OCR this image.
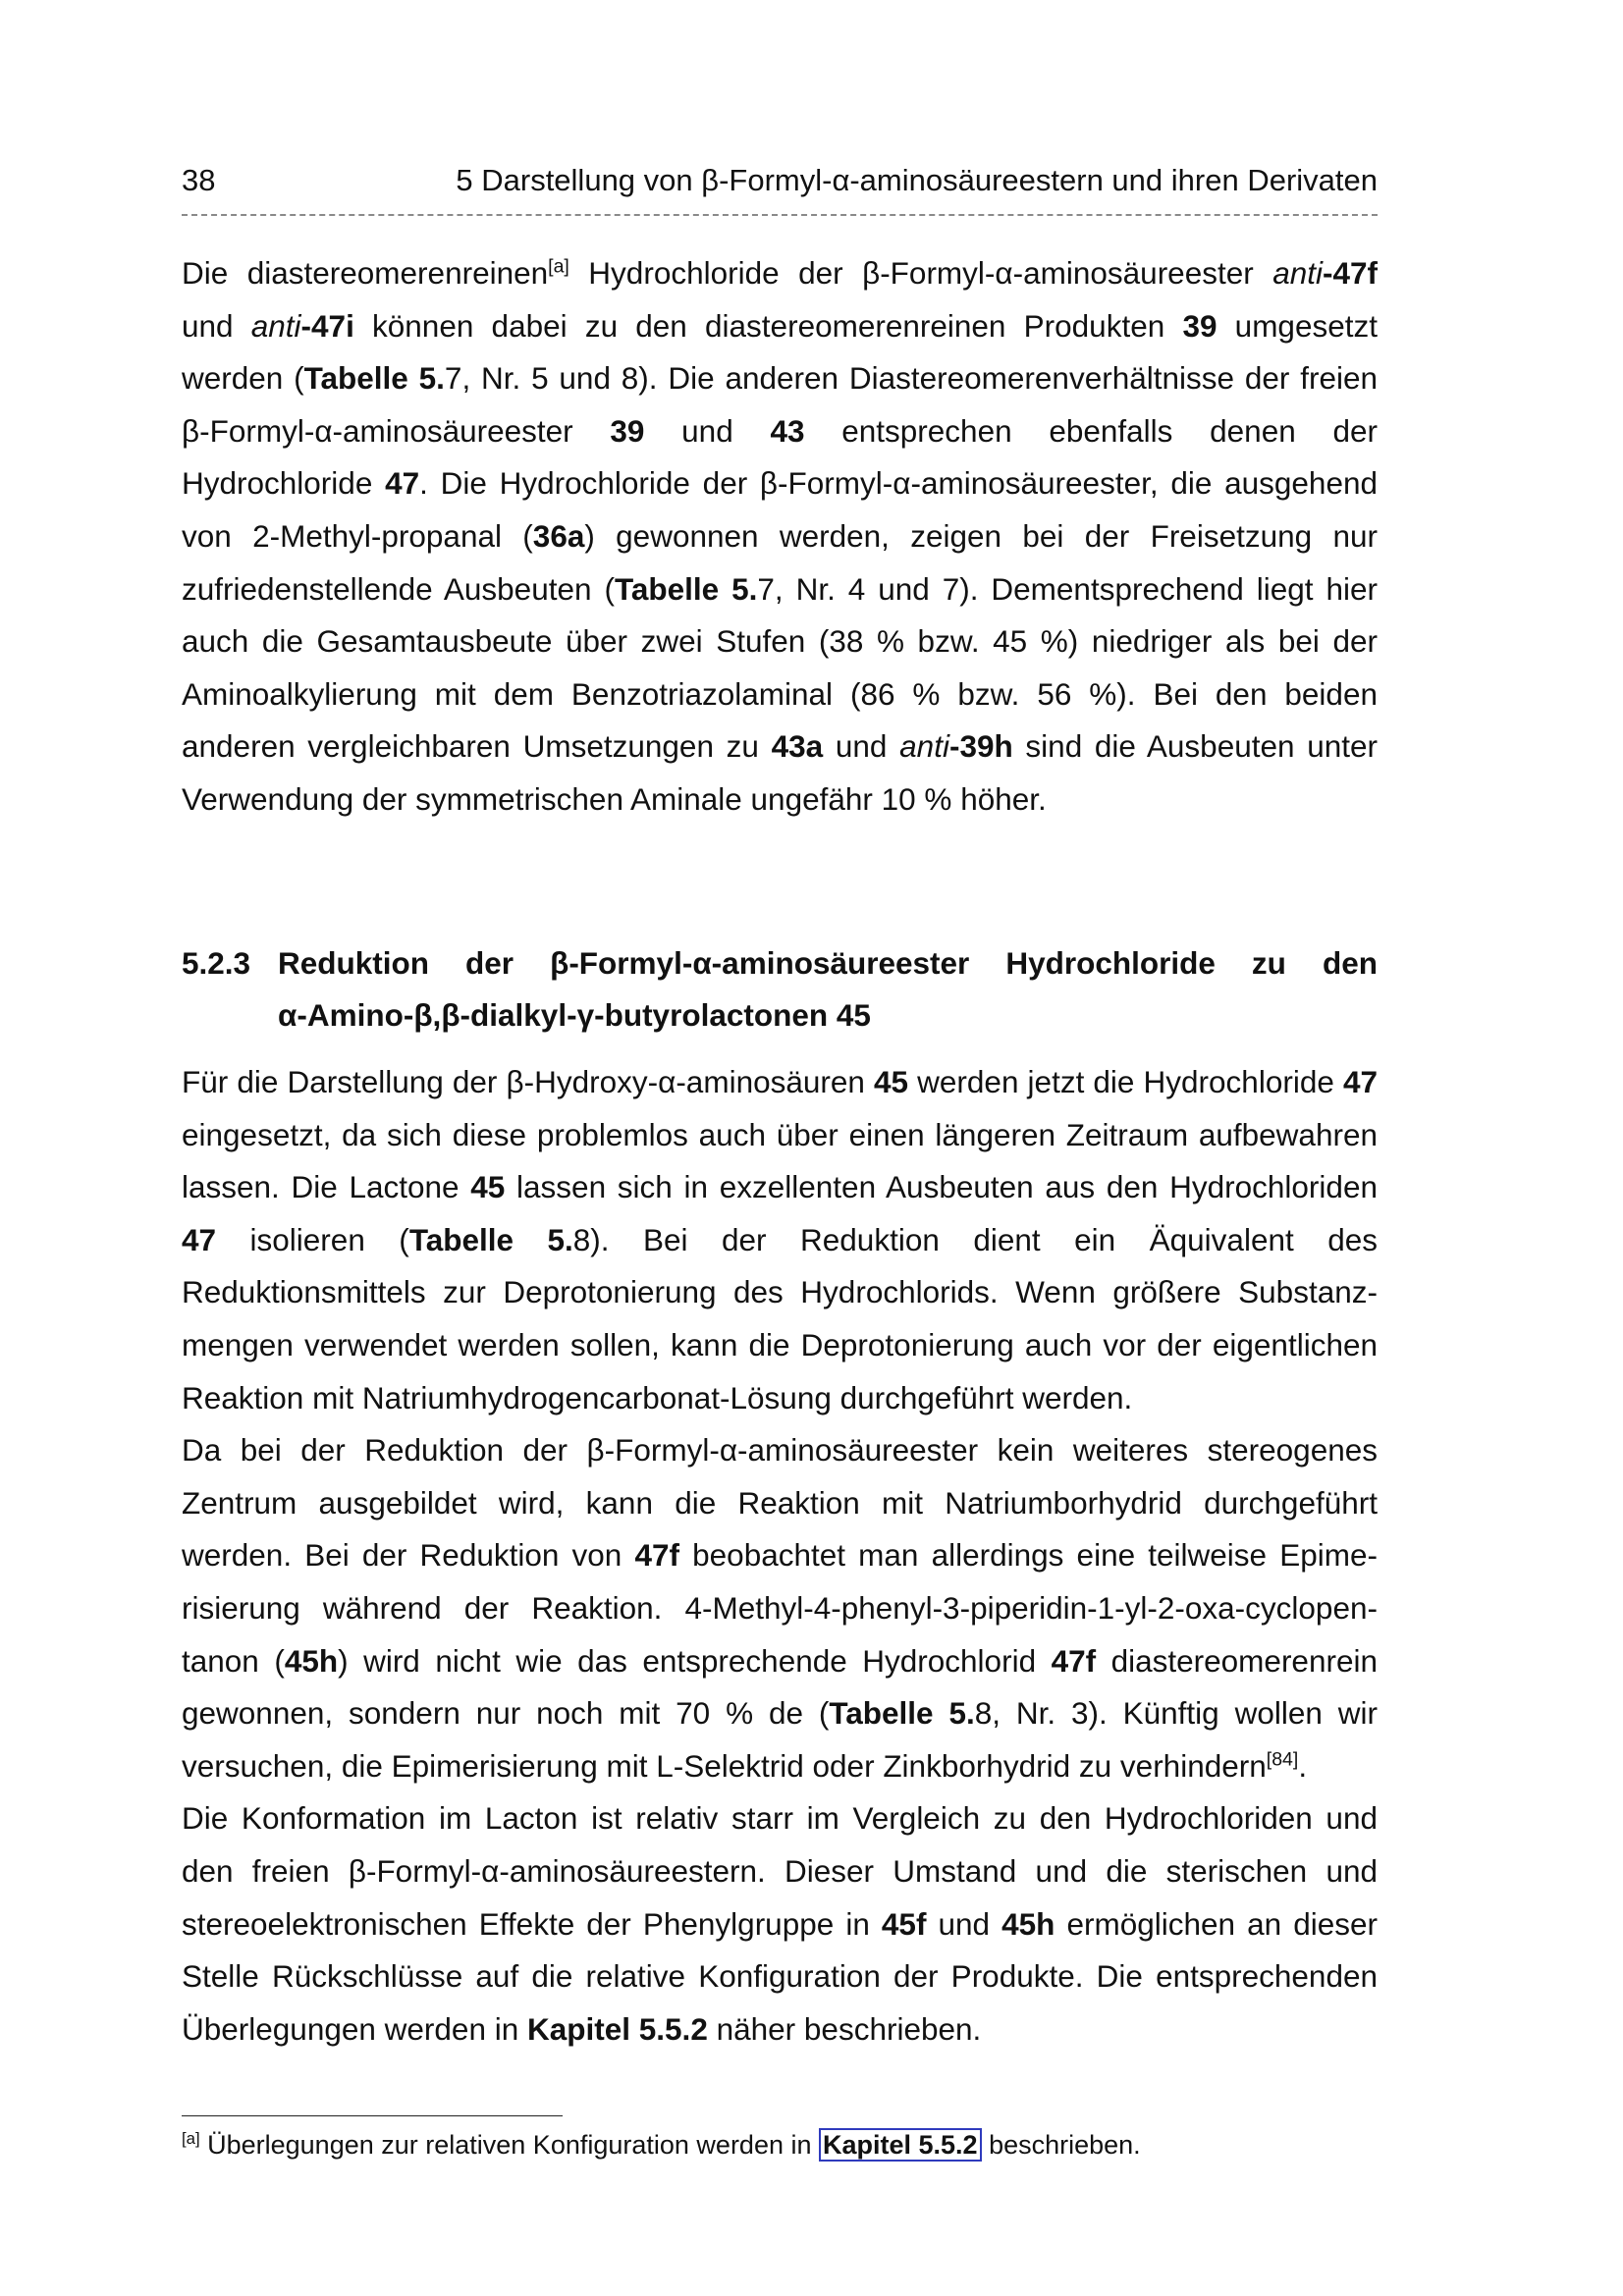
38	5 Darstellung von β-Formyl-α-aminosäureestern und ihren Derivaten

Die diastereomerenreinen[a] Hydrochloride der β-Formyl-α-aminosäureester anti-47f und anti-47i können dabei zu den diastereomerenreinen Produkten 39 umgesetzt werden (Tabelle 5.7, Nr. 5 und 8). Die anderen Diastereomerenverhältnisse der freien β-Formyl-α-aminosäureester 39 und 43 entsprechen ebenfalls denen der Hydrochloride 47. Die Hydrochloride der β-Formyl-α-aminosäureester, die ausgehend von 2-Methyl-propanal (36a) gewonnen werden, zeigen bei der Freisetzung nur zufriedenstellende Ausbeuten (Tabelle 5.7, Nr. 4 und 7). Dementsprechend liegt hier auch die Gesamtausbeute über zwei Stufen (38 % bzw. 45 %) niedriger als bei der Aminoalkylierung mit dem Benzotriazolaminal (86 % bzw. 56 %). Bei den beiden anderen vergleichbaren Umsetzungen zu 43a und anti-39h sind die Ausbeuten unter Verwendung der symmetrischen Aminale ungefähr 10 % höher.

5.2.3 Reduktion der β-Formyl-α-aminosäureester Hydrochloride zu den
α-Amino-β,β-dialkyl-γ-butyrolactonen 45

Für die Darstellung der β-Hydroxy-α-aminosäuren 45 werden jetzt die Hydrochloride 47 eingesetzt, da sich diese problemlos auch über einen längeren Zeitraum aufbewahren lassen. Die Lactone 45 lassen sich in exzellenten Ausbeuten aus den Hydrochloriden 47 isolieren (Tabelle 5.8). Bei der Reduktion dient ein Äquivalent des Reduktionsmittels zur Deprotonierung des Hydrochlorids. Wenn größere Substanzmengen verwendet werden sollen, kann die Deprotonierung auch vor der eigentlichen Reaktion mit Natriumhydrogencarbonat-Lösung durchgeführt werden.

Da bei der Reduktion der β-Formyl-α-aminosäureester kein weiteres stereogenes Zentrum ausgebildet wird, kann die Reaktion mit Natriumborhydrid durchgeführt werden. Bei der Reduktion von 47f beobachtet man allerdings eine teilweise Epimerisierung während der Reaktion. 4-Methyl-4-phenyl-3-piperidin-1-yl-2-oxa-cyclopentanon (45h) wird nicht wie das entsprechende Hydrochlorid 47f diastereomerenrein gewonnen, sondern nur noch mit 70 % de (Tabelle 5.8, Nr. 3). Künftig wollen wir versuchen, die Epimerisierung mit L-Selektrid oder Zinkborhydrid zu verhindern[84].

Die Konformation im Lacton ist relativ starr im Vergleich zu den Hydrochloriden und den freien β-Formyl-α-aminosäureestern. Dieser Umstand und die sterischen und stereoelektronischen Effekte der Phenylgruppe in 45f und 45h ermöglichen an dieser Stelle Rückschlüsse auf die relative Konfiguration der Produkte. Die entsprechenden Überlegungen werden in Kapitel 5.5.2 näher beschrieben.

[a] Überlegungen zur relativen Konfiguration werden in Kapitel 5.5.2 beschrieben.
